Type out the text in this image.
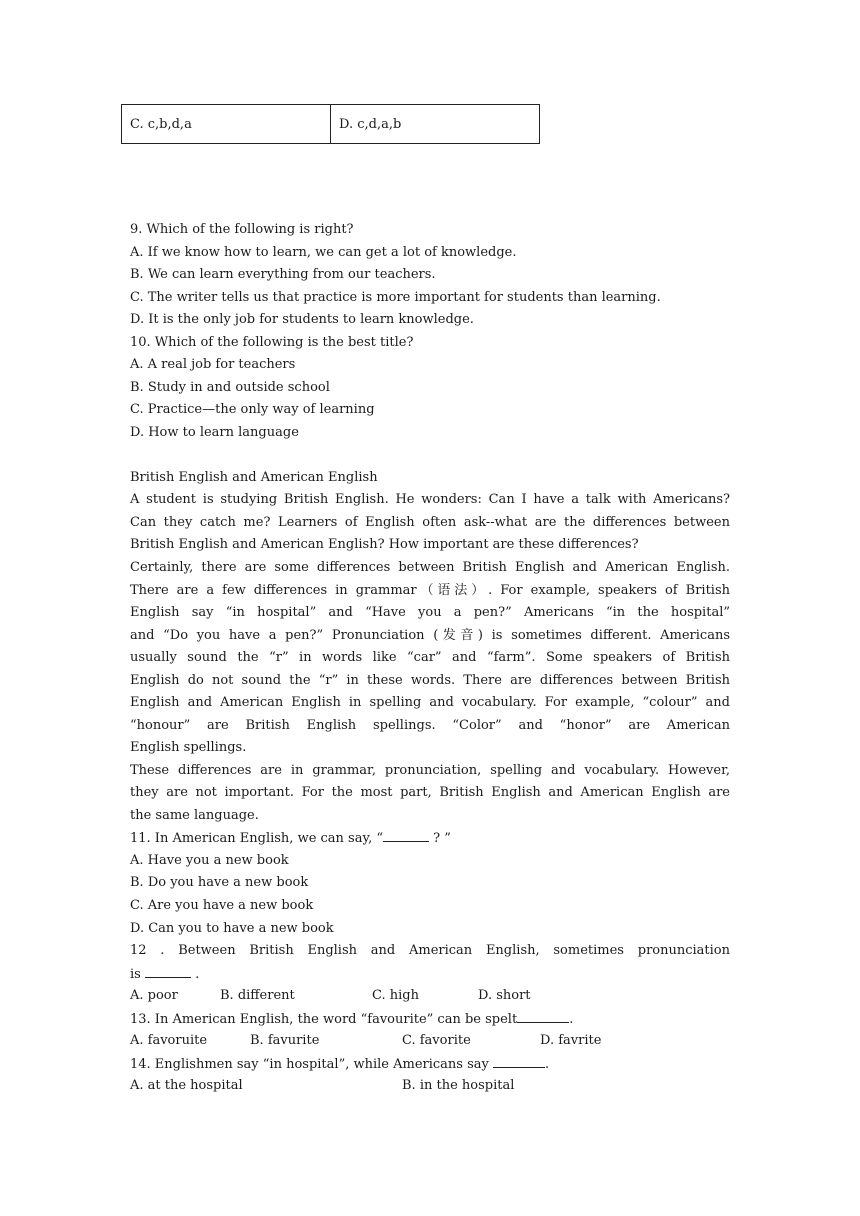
C. c,b,d,a	D. c,d,a,b
9. Which of the following is right?
A. If we know how to learn, we can get a lot of knowledge.
B. We can learn everything from our teachers.
C. The writer tells us that practice is more important for students than learning.
D. It is the only job for students to learn knowledge.
10. Which of the following is the best title?
A. A real job for teachers
B. Study in and outside school
C. Practice—the only way of learning
D. How to learn language
British English and American English
A student is studying British English. He wonders: Can I have a talk with Americans?
Can they catch me? Learners of English often ask--what are the differences between
British English and American English? How important are these differences?
Certainly, there are some differences between British English and American English.
There are a few differences in grammar（语法）. For example, speakers of British
English say “in hospital” and “Have you a pen?” Americans “in the hospital”
and “Do you have a pen?” Pronunciation (发音) is sometimes different. Americans
usually sound the “r” in words like “car” and “farm”. Some speakers of British
English do not sound the “r” in these words. There are differences between British
English and American English in spelling and vocabulary. For example, “colour” and
“honour” are British English spellings. “Color” and “honor” are American
English spellings.
These differences are in grammar, pronunciation, spelling and vocabulary. However,
they are not important. For the most part, British English and American English are
the same language.
11. In American English, we can say, “	? ”
A. Have you a new book
B. Do you have a new book
C. Are you have a new book
D. Can you to have a new book
12 . Between British English and American English, sometimes pronunciation
is	.
A. poor	B. different	C. high	D. short
13. In American English, the word “favourite” can be spelt	.
A. favoruite	B. favurite	C. favorite	D. favrite
14. Englishmen say “in hospital”, while Americans say	.
A. at the hospital	B. in the hospital
